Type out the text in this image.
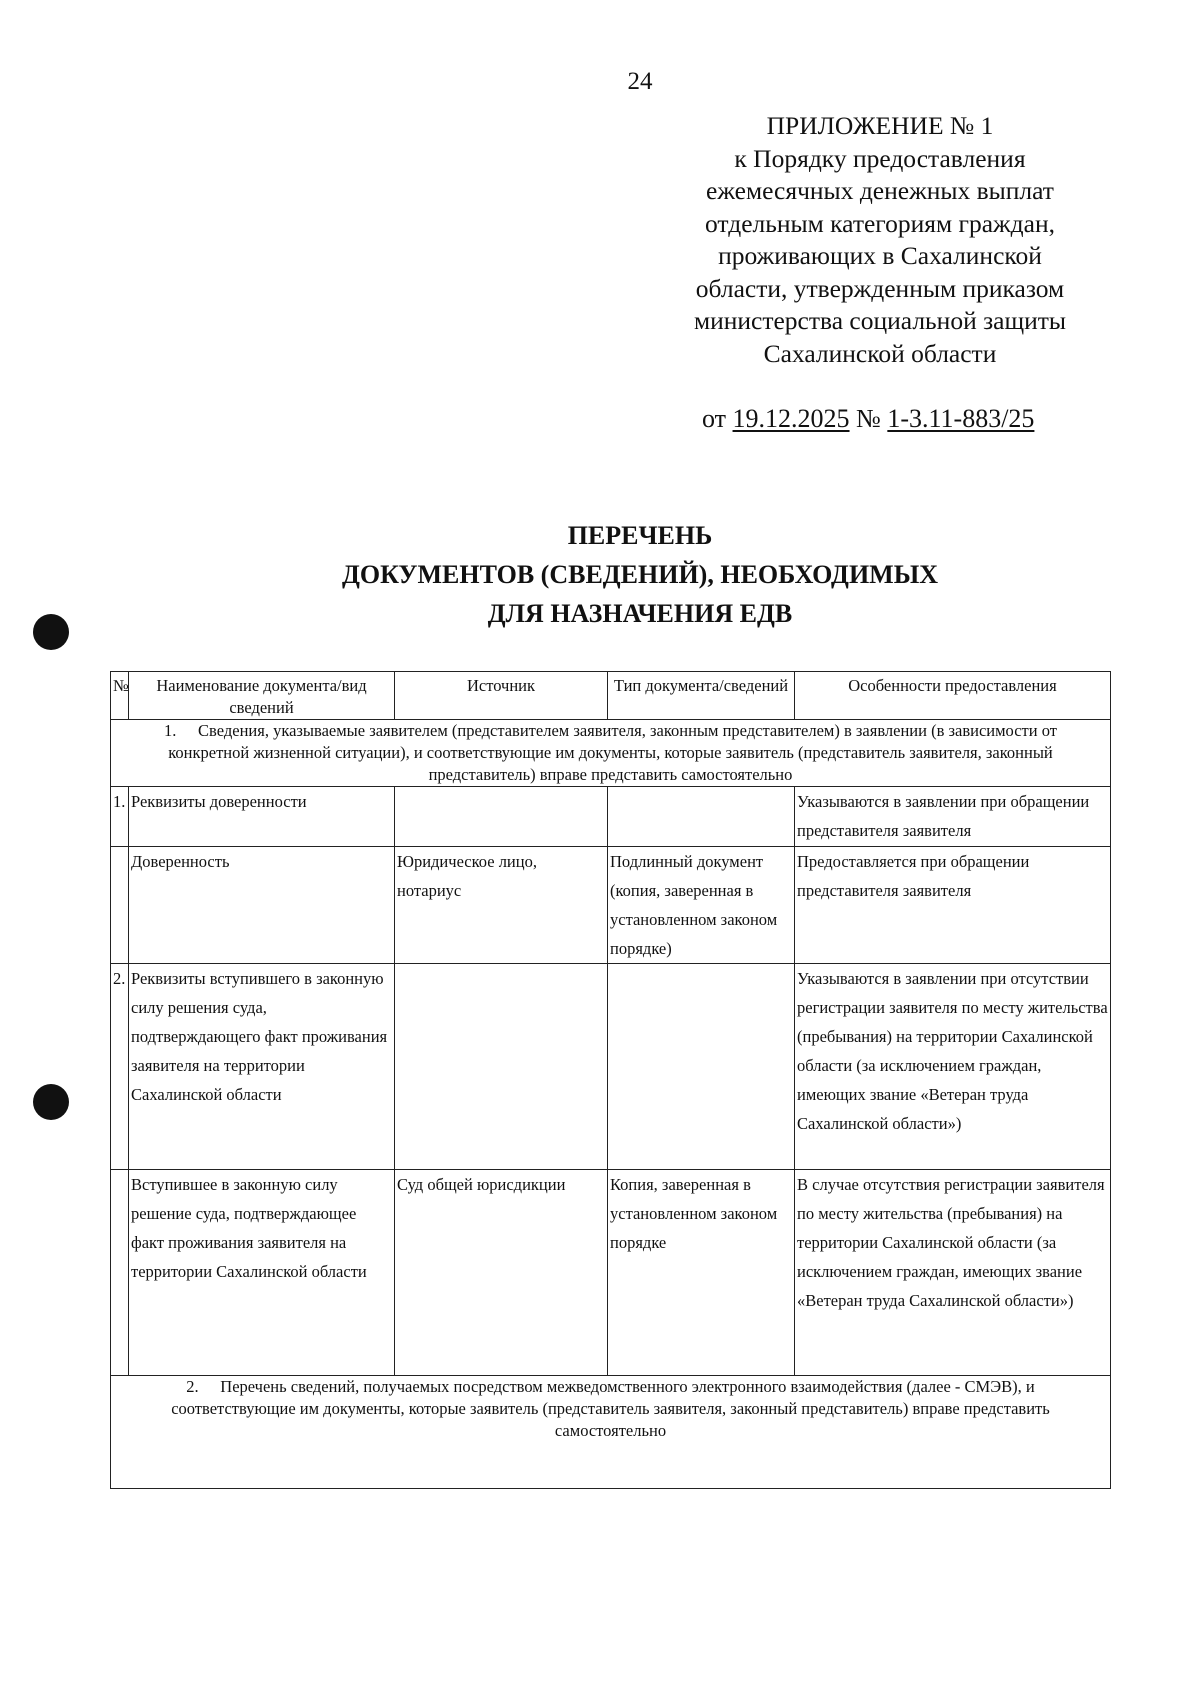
24
ПРИЛОЖЕНИЕ № 1
к Порядку предоставления
ежемесячных денежных выплат
отдельным категориям граждан,
проживающих в Сахалинской
области, утвержденным приказом
министерства социальной защиты
Сахалинской области
от 19.12.2025 № 1-3.11-883/25
ПЕРЕЧЕНЬ
ДОКУМЕНТОВ (СВЕДЕНИЙ), НЕОБХОДИМЫХ
ДЛЯ НАЗНАЧЕНИЯ ЕДВ
№	Наименование документа/вид сведений	Источник	Тип документа/сведений	Особенности предоставления

1. Сведения, указываемые заявителем (представителем заявителя, законным представителем) в заявлении (в зависимости от конкретной жизненной ситуации), и соответствующие им документы, которые заявитель (представитель заявителя, законный представитель) вправе представить самостоятельно				

1.	Реквизиты доверенности			Указываются в заявлении при обращении представителя заявителя
	Доверенность	Юридическое лицо, нотариус	Подлинный документ (копия, заверенная в установленном законом порядке)	Предоставляется при обращении представителя заявителя
2.	Реквизиты вступившего в законную силу решения суда, подтверждающего факт проживания заявителя на территории Сахалинской области			Указываются в заявлении при отсутствии регистрации заявителя по месту жительства (пребывания) на территории Сахалинской области (за исключением граждан, имеющих звание «Ветеран труда Сахалинской области»)
	Вступившее в законную силу решение суда, подтверждающее факт проживания заявителя на территории Сахалинской области	Суд общей юрисдикции	Копия, заверенная в установленном законом порядке	В случае отсутствия регистрации заявителя по месту жительства (пребывания) на территории Сахалинской области (за исключением граждан, имеющих звание «Ветеран труда Сахалинской области»)

2. Перечень сведений, получаемых посредством межведомственного электронного взаимодействия (далее - СМЭВ), и соответствующие им документы, которые заявитель (представитель заявителя, законный представитель) вправе представить самостоятельно				
